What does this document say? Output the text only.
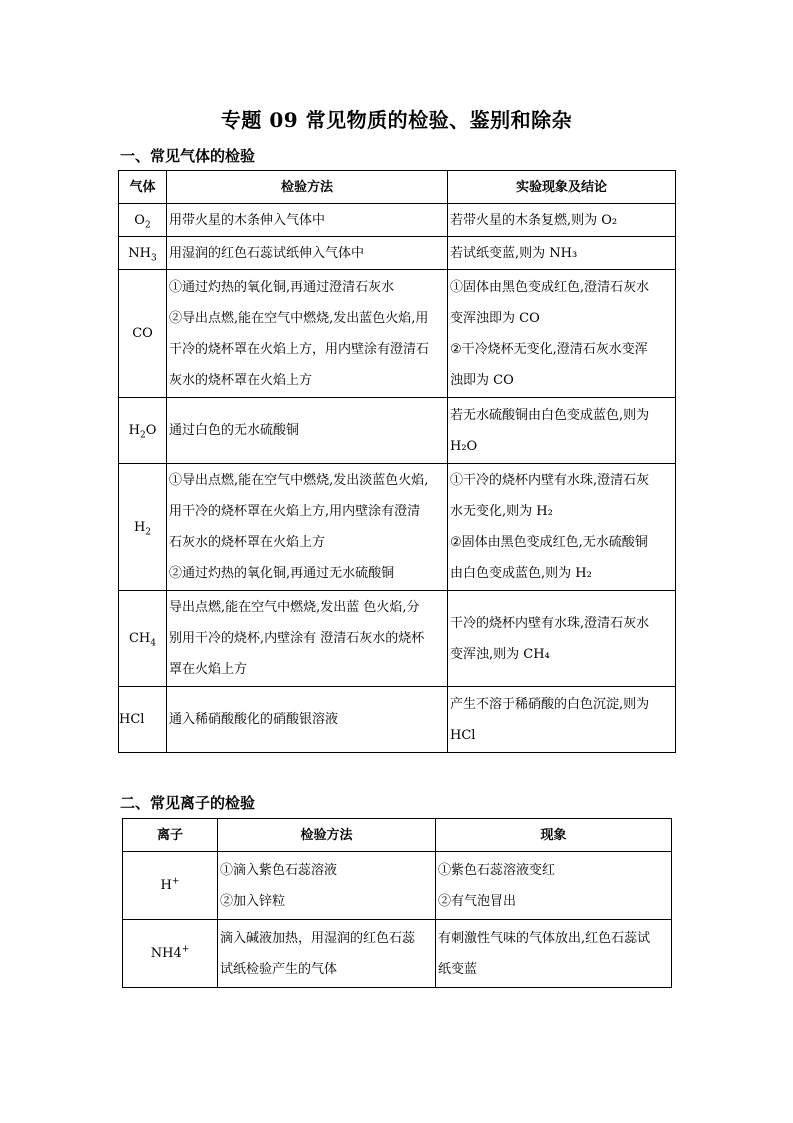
专题 09 常见物质的检验、鉴别和除杂
一、常见气体的检验
气体	检验方法	实验现象及结论
$O_2$	用带火星的木条伸入气体中	若带火星的木条复燃,则为 O₂
$NH_3$	用湿润的红色石蕊试纸伸入气体中	若试纸变蓝,则为 NH₃
CO	①通过灼热的氧化铜,再通过澄清石灰水
②导出点燃,能在空气中燃烧,发出蓝色火焰,用
干冷的烧杯罩在火焰上方，用内壁涂有澄清石
灰水的烧杯罩在火焰上方	①固体由黑色变成红色,澄清石灰水
变浑浊即为 CO
②干冷烧杯无变化,澄清石灰水变浑
浊即为 CO
$H_2O$	通过白色的无水硫酸铜	若无水硫酸铜由白色变成蓝色,则为
H₂O
$H_2$	①导出点燃,能在空气中燃烧,发出淡蓝色火焰,
用干冷的烧杯罩在火焰上方,用内壁涂有澄清
石灰水的烧杯罩在火焰上方
②通过灼热的氧化铜,再通过无水硫酸铜	①干冷的烧杯内壁有水珠,澄清石灰
水无变化,则为 H₂
②固体由黑色变成红色,无水硫酸铜
由白色变成蓝色,则为 H₂
$CH_4$	导出点燃,能在空气中燃烧,发出蓝 色火焰,分
别用干冷的烧杯,内壁涂有 澄清石灰水的烧杯
罩在火焰上方	干冷的烧杯内壁有水珠,澄清石灰水
变浑浊,则为 CH₄
HCl	通入稀硝酸酸化的硝酸银溶液	产生不溶于稀硝酸的白色沉淀,则为
HCl
二、常见离子的检验
离子	检验方法	现象
H+	①滴入紫色石蕊溶液
②加入锌粒	①紫色石蕊溶液变红
②有气泡冒出
NH4+	滴入碱液加热，用湿润的红色石蕊
试纸检验产生的气体	有刺激性气味的气体放出,红色石蕊试
纸变蓝
